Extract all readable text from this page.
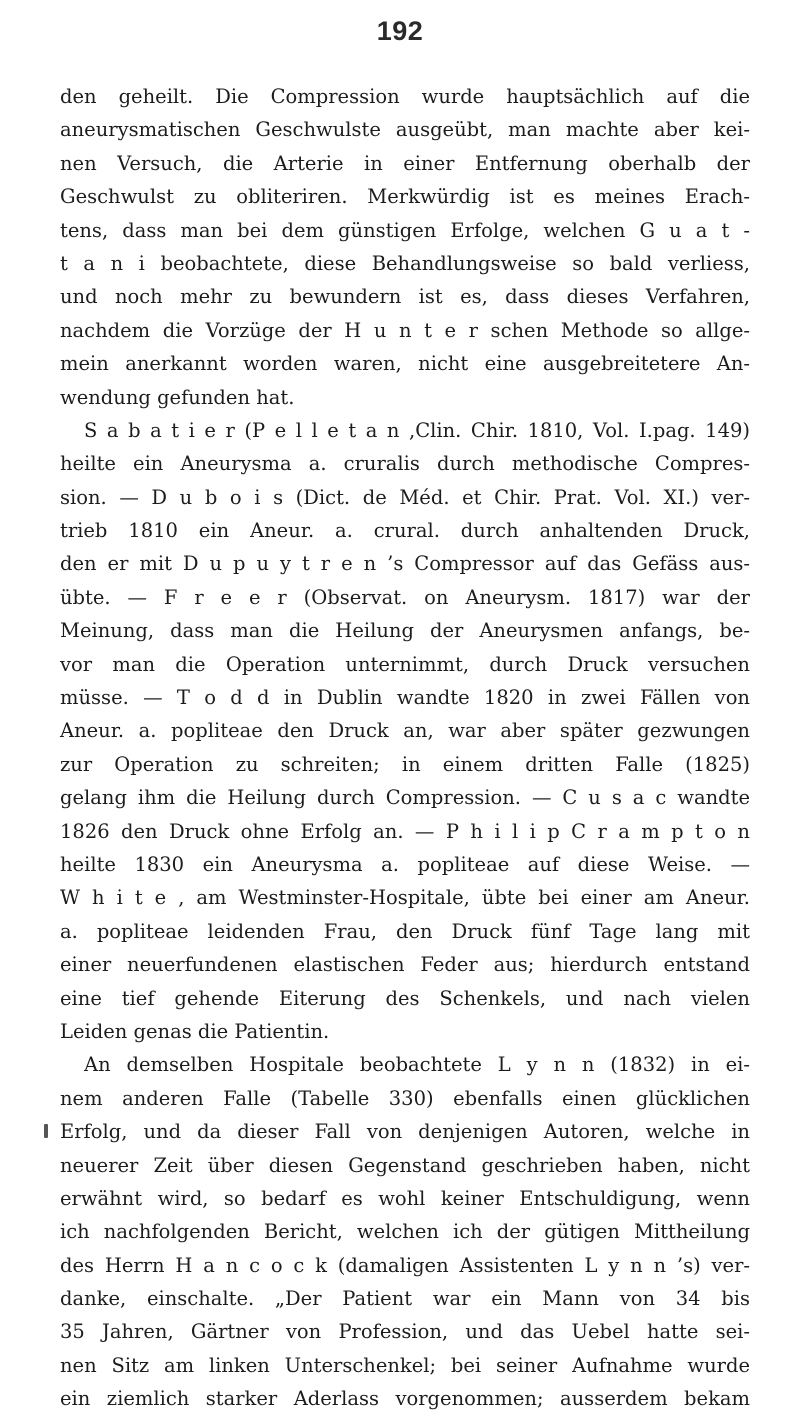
192
den geheilt. Die Compression wurde hauptsächlich auf die
aneurysmatischen Geschwulste ausgeübt, man machte aber kei-
nen Versuch, die Arterie in einer Entfernung oberhalb der
Geschwulst zu obliteriren. Merkwürdig ist es meines Erach-
tens, dass man bei dem günstigen Erfolge, welchen G u a t -
t a n i beobachtete, diese Behandlungsweise so bald verliess,
und noch mehr zu bewundern ist es, dass dieses Verfahren,
nachdem die Vorzüge der H u n t e r schen Methode so allge-
mein anerkannt worden waren, nicht eine ausgebreitetere An-
wendung gefunden hat.
S a b a t i e r (P e l l e t a n ,Clin. Chir. 1810, Vol. I.pag. 149)
heilte ein Aneurysma a. cruralis durch methodische Compres-
sion. — D u b o i s (Dict. de Méd. et Chir. Prat. Vol. XI.) ver-
trieb 1810 ein Aneur. a. crural. durch anhaltenden Druck,
den er mit D u p u y t r e n ’s Compressor auf das Gefäss aus-
übte. — F r e e r (Observat. on Aneurysm. 1817) war der
Meinung, dass man die Heilung der Aneurysmen anfangs, be-
vor man die Operation unternimmt, durch Druck versuchen
müsse. — T o d d in Dublin wandte 1820 in zwei Fällen von
Aneur. a. popliteae den Druck an, war aber später gezwungen
zur Operation zu schreiten; in einem dritten Falle (1825)
gelang ihm die Heilung durch Compression. — C u s a c wandte
1826 den Druck ohne Erfolg an. — P h i l i p C r a m p t o n
heilte 1830 ein Aneurysma a. popliteae auf diese Weise. —
W h i t e , am Westminster-Hospitale, übte bei einer am Aneur.
a. popliteae leidenden Frau, den Druck fünf Tage lang mit
einer neuerfundenen elastischen Feder aus; hierdurch entstand
eine tief gehende Eiterung des Schenkels, und nach vielen
Leiden genas die Patientin.
An demselben Hospitale beobachtete L y n n (1832) in ei-
nem anderen Falle (Tabelle 330) ebenfalls einen glücklichen
Erfolg, und da dieser Fall von denjenigen Autoren, welche in
neuerer Zeit über diesen Gegenstand geschrieben haben, nicht
erwähnt wird, so bedarf es wohl keiner Entschuldigung, wenn
ich nachfolgenden Bericht, welchen ich der gütigen Mittheilung
des Herrn H a n c o c k (damaligen Assistenten L y n n ’s) ver-
danke, einschalte. „Der Patient war ein Mann von 34 bis
35 Jahren, Gärtner von Profession, und das Uebel hatte sei-
nen Sitz am linken Unterschenkel; bei seiner Aufnahme wurde
ein ziemlich starker Aderlass vorgenommen; ausserdem bekam
